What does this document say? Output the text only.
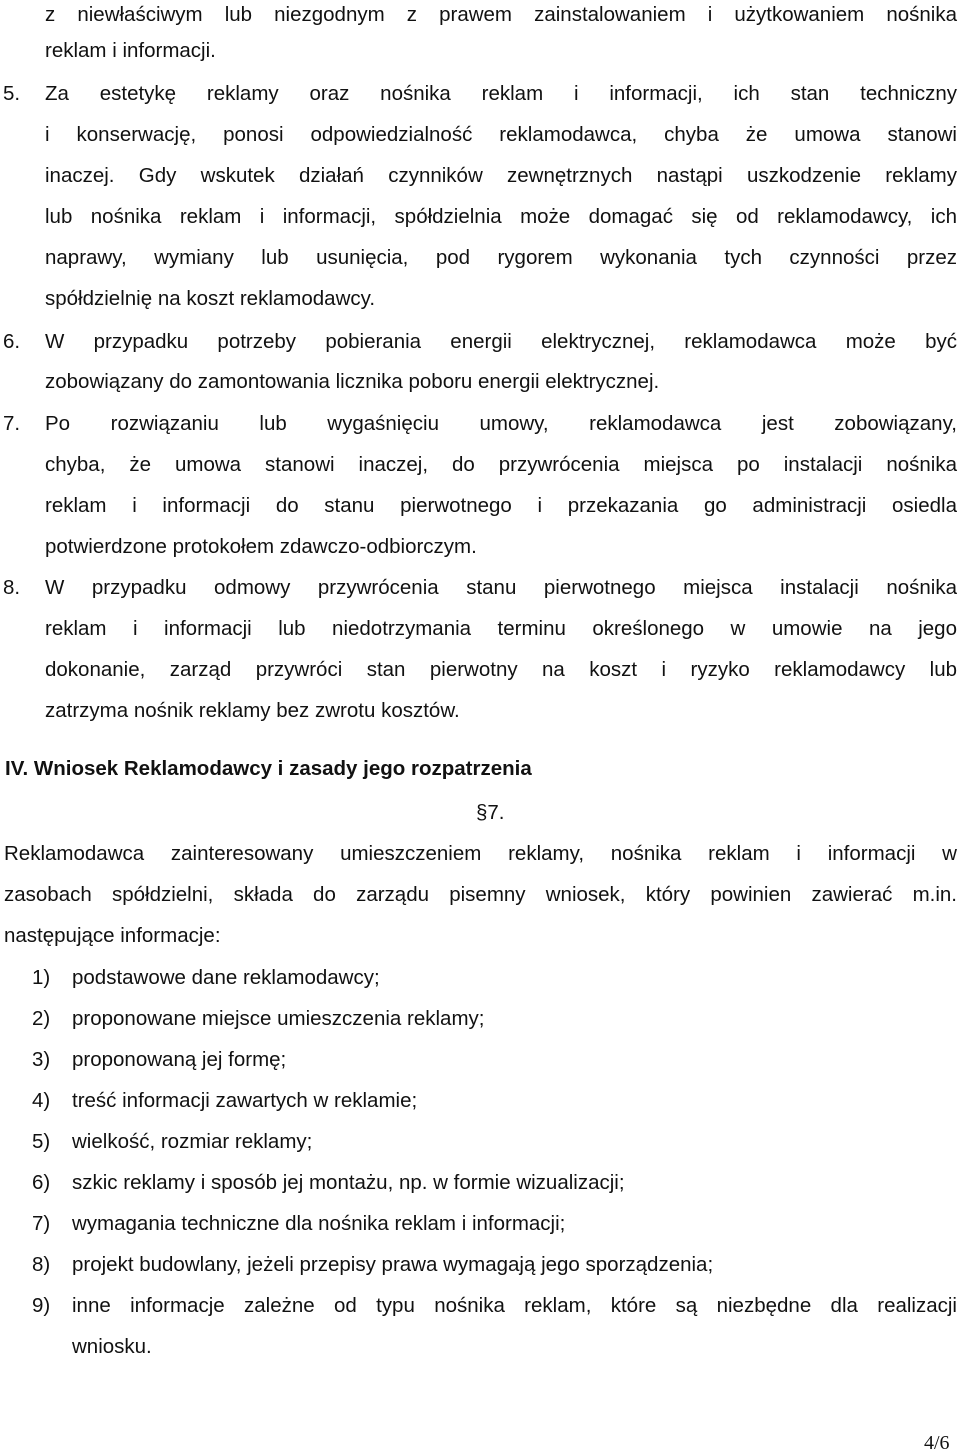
z niewłaściwym lub niezgodnym z prawem zainstalowaniem i użytkowaniem nośnika
reklam i informacji.
5. Za estetykę reklamy oraz nośnika reklam i informacji, ich stan techniczny
i konserwację, ponosi odpowiedzialność reklamodawca, chyba że umowa stanowi
inaczej. Gdy wskutek działań czynników zewnętrznych nastąpi uszkodzenie reklamy
lub nośnika reklam i informacji, spółdzielnia może domagać się od reklamodawcy, ich
naprawy, wymiany lub usunięcia, pod rygorem wykonania tych czynności przez
spółdzielnię na koszt reklamodawcy.
6. W przypadku potrzeby pobierania energii elektrycznej, reklamodawca może być
zobowiązany do zamontowania licznika poboru energii elektrycznej.
7. Po rozwiązaniu lub wygaśnięciu umowy, reklamodawca jest zobowiązany,
chyba, że umowa stanowi inaczej, do przywrócenia miejsca po instalacji nośnika
reklam i informacji do stanu pierwotnego i przekazania go administracji osiedla
potwierdzone protokołem zdawczo-odbiorczym.
8. W przypadku odmowy przywrócenia stanu pierwotnego miejsca instalacji nośnika
reklam i informacji lub niedotrzymania terminu określonego w umowie na jego
dokonanie, zarząd przywróci stan pierwotny na koszt i ryzyko reklamodawcy lub
zatrzyma nośnik reklamy bez zwrotu kosztów.
IV. Wniosek Reklamodawcy i zasady jego rozpatrzenia
§7.
Reklamodawca zainteresowany umieszczeniem reklamy, nośnika reklam i informacji w
zasobach spółdzielni, składa do zarządu pisemny wniosek, który powinien zawierać m.in.
następujące informacje:
1) podstawowe dane reklamodawcy;
2) proponowane miejsce umieszczenia reklamy;
3) proponowaną jej formę;
4) treść informacji zawartych w reklamie;
5) wielkość, rozmiar reklamy;
6) szkic reklamy i sposób jej montażu, np. w formie wizualizacji;
7) wymagania techniczne dla nośnika reklam i informacji;
8) projekt budowlany, jeżeli przepisy prawa wymagają jego sporządzenia;
9) inne informacje zależne od typu nośnika reklam, które są niezbędne dla realizacji
wniosku.
4/6
